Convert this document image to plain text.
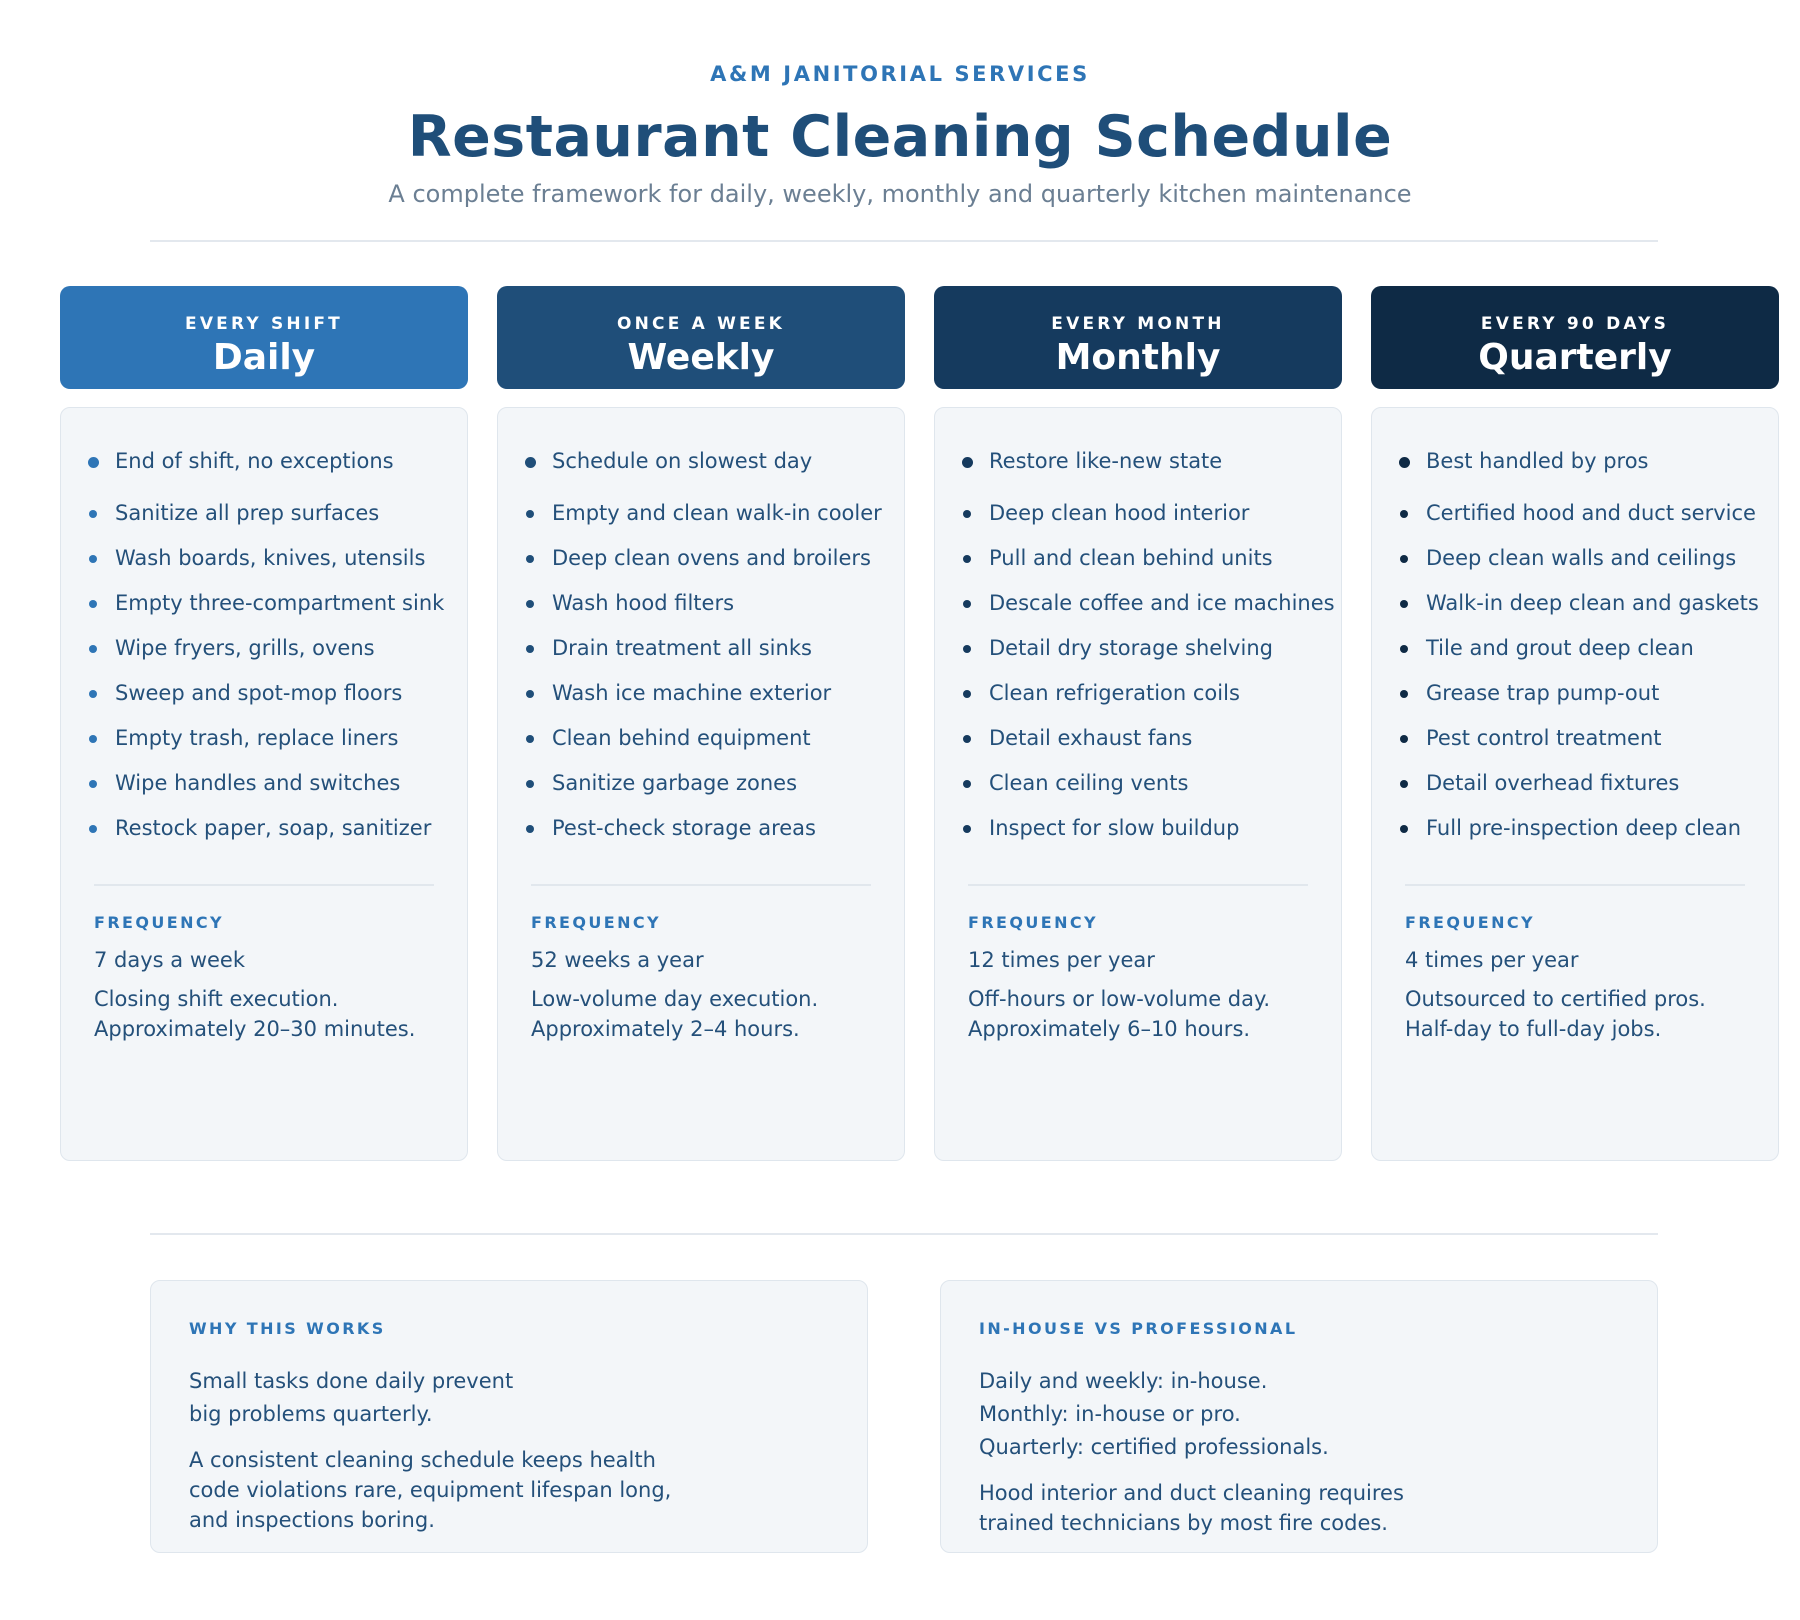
A&M JANITORIAL SERVICES
Restaurant Cleaning Schedule
A complete framework for daily, weekly, monthly and quarterly kitchen maintenance
EVERY SHIFT
Daily
End of shift, no exceptions
Sanitize all prep surfaces
Wash boards, knives, utensils
Empty three-compartment sink
Wipe fryers, grills, ovens
Sweep and spot-mop floors
Empty trash, replace liners
Wipe handles and switches
Restock paper, soap, sanitizer
FREQUENCY
7 days a week
Closing shift execution.
Approximately 20–30 minutes.
ONCE A WEEK
Weekly
Schedule on slowest day
Empty and clean walk-in cooler
Deep clean ovens and broilers
Wash hood filters
Drain treatment all sinks
Wash ice machine exterior
Clean behind equipment
Sanitize garbage zones
Pest-check storage areas
FREQUENCY
52 weeks a year
Low-volume day execution.
Approximately 2–4 hours.
EVERY MONTH
Monthly
Restore like-new state
Deep clean hood interior
Pull and clean behind units
Descale coffee and ice machines
Detail dry storage shelving
Clean refrigeration coils
Detail exhaust fans
Clean ceiling vents
Inspect for slow buildup
FREQUENCY
12 times per year
Off-hours or low-volume day.
Approximately 6–10 hours.
EVERY 90 DAYS
Quarterly
Best handled by pros
Certified hood and duct service
Deep clean walls and ceilings
Walk-in deep clean and gaskets
Tile and grout deep clean
Grease trap pump-out
Pest control treatment
Detail overhead fixtures
Full pre-inspection deep clean
FREQUENCY
4 times per year
Outsourced to certified pros.
Half-day to full-day jobs.
WHY THIS WORKS
Small tasks done daily prevent
big problems quarterly.
A consistent cleaning schedule keeps health
code violations rare, equipment lifespan long,
and inspections boring.
IN-HOUSE VS PROFESSIONAL
Daily and weekly: in-house.
Monthly: in-house or pro.
Quarterly: certified professionals.
Hood interior and duct cleaning requires
trained technicians by most fire codes.
